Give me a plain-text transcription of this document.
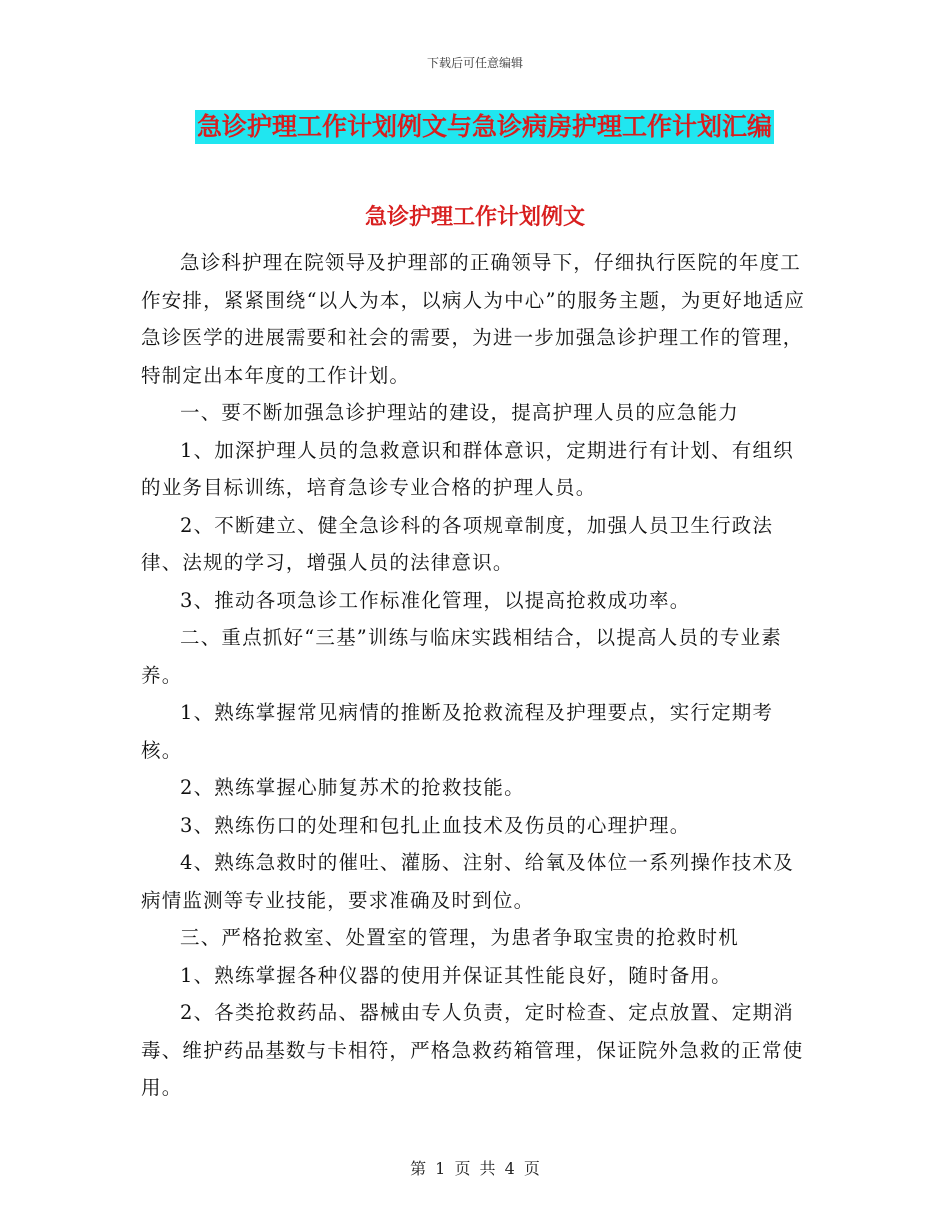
下载后可任意编辑
急诊护理工作计划例文与急诊病房护理工作计划汇编
急诊护理工作计划例文

急诊科护理在院领导及护理部的正确领导下，仔细执行医院的年度工作安排，紧紧围绕“以人为本，以病人为中心”的服务主题，为更好地适应急诊医学的进展需要和社会的需要，为进一步加强急诊护理工作的管理，特制定出本年度的工作计划。

一、要不断加强急诊护理站的建设，提高护理人员的应急能力

1、加深护理人员的急救意识和群体意识，定期进行有计划、有组织的业务目标训练，培育急诊专业合格的护理人员。

2、不断建立、健全急诊科的各项规章制度，加强人员卫生行政法律、法规的学习，增强人员的法律意识。

3、推动各项急诊工作标准化管理，以提高抢救成功率。

二、重点抓好“三基”训练与临床实践相结合，以提高人员的专业素养。

1、熟练掌握常见病情的推断及抢救流程及护理要点，实行定期考核。

2、熟练掌握心肺复苏术的抢救技能。

3、熟练伤口的处理和包扎止血技术及伤员的心理护理。

4、熟练急救时的催吐、灌肠、注射、给氧及体位一系列操作技术及病情监测等专业技能，要求准确及时到位。

三、严格抢救室、处置室的管理，为患者争取宝贵的抢救时机

1、熟练掌握各种仪器的使用并保证其性能良好，随时备用。

2、各类抢救药品、器械由专人负责，定时检查、定点放置、定期消毒、维护药品基数与卡相符，严格急救药箱管理，保证院外急救的正常使用。

第 1 页 共 4 页
